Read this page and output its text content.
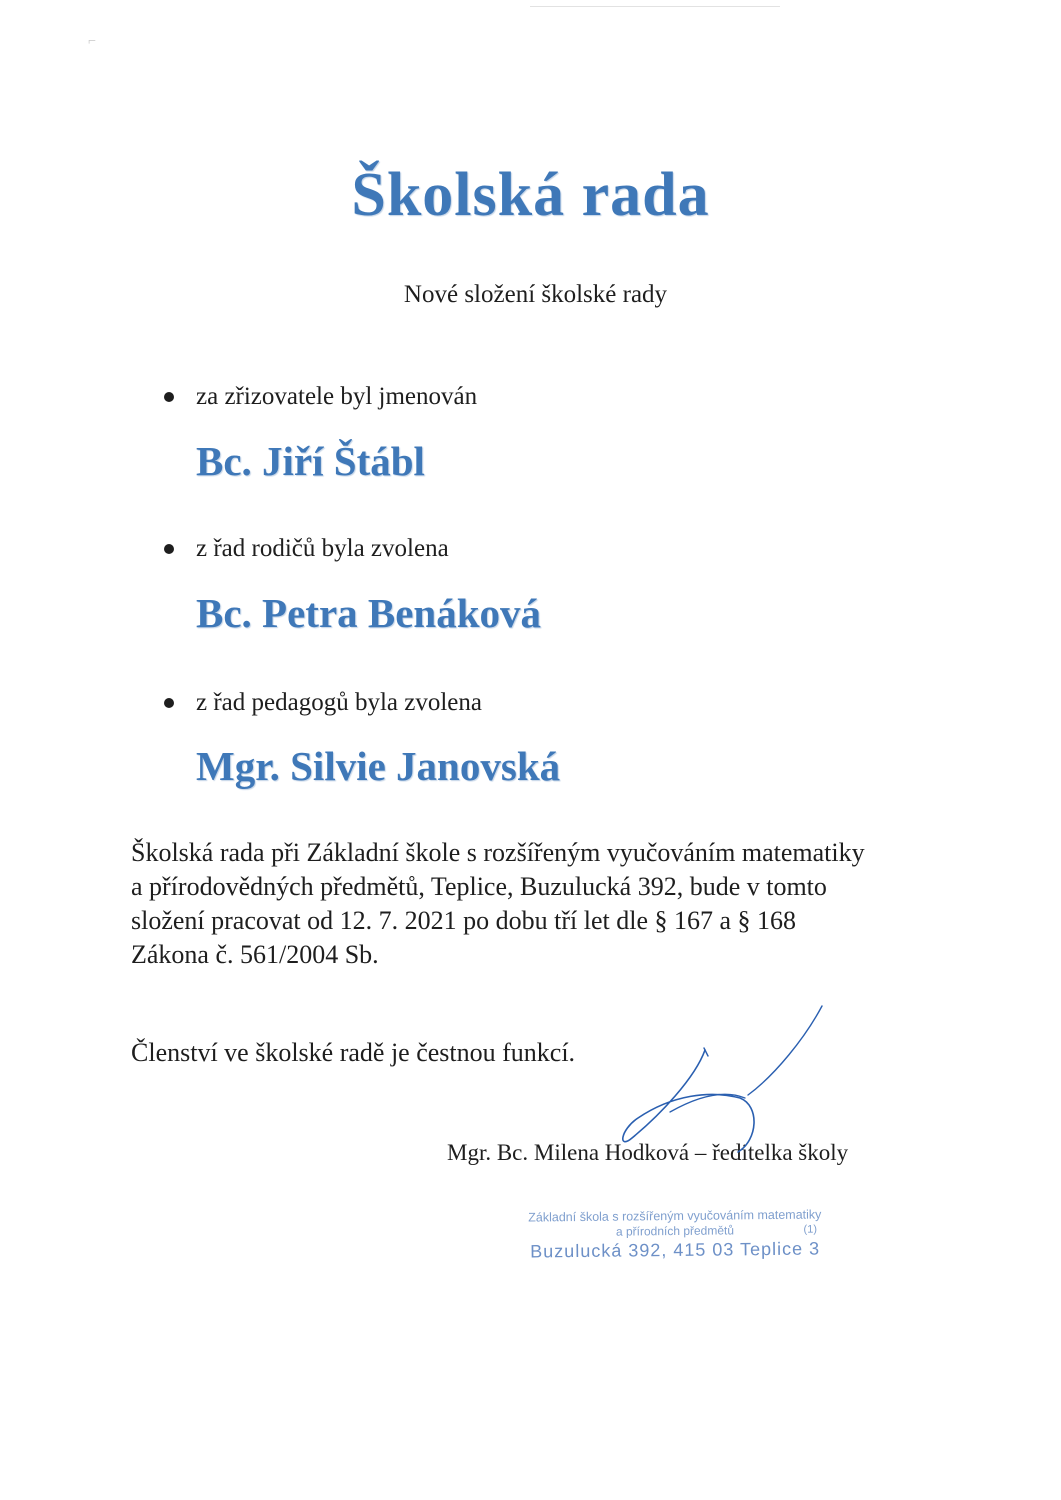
⌐
Školská rada
Nové složení školské rady
za zřizovatele byl jmenován
Bc. Jiří Štábl
z řad rodičů byla zvolena
Bc. Petra Benáková
z řad pedagogů byla zvolena
Mgr. Silvie Janovská
Školská rada při Základní škole s rozšířeným vyučováním matematiky
a přírodovědných předmětů, Teplice, Buzulucká 392, bude v tomto
složení pracovat od 12. 7. 2021 po dobu tří let dle § 167 a § 168
Zákona č. 561/2004 Sb.
Členství ve školské radě je čestnou funkcí.
Mgr. Bc. Milena Hodková – ředitelka školy
Základní škola s rozšířeným vyučováním matematiky
a přírodních předmětů	(1)
Buzulucká 392, 415 03 Teplice 3
